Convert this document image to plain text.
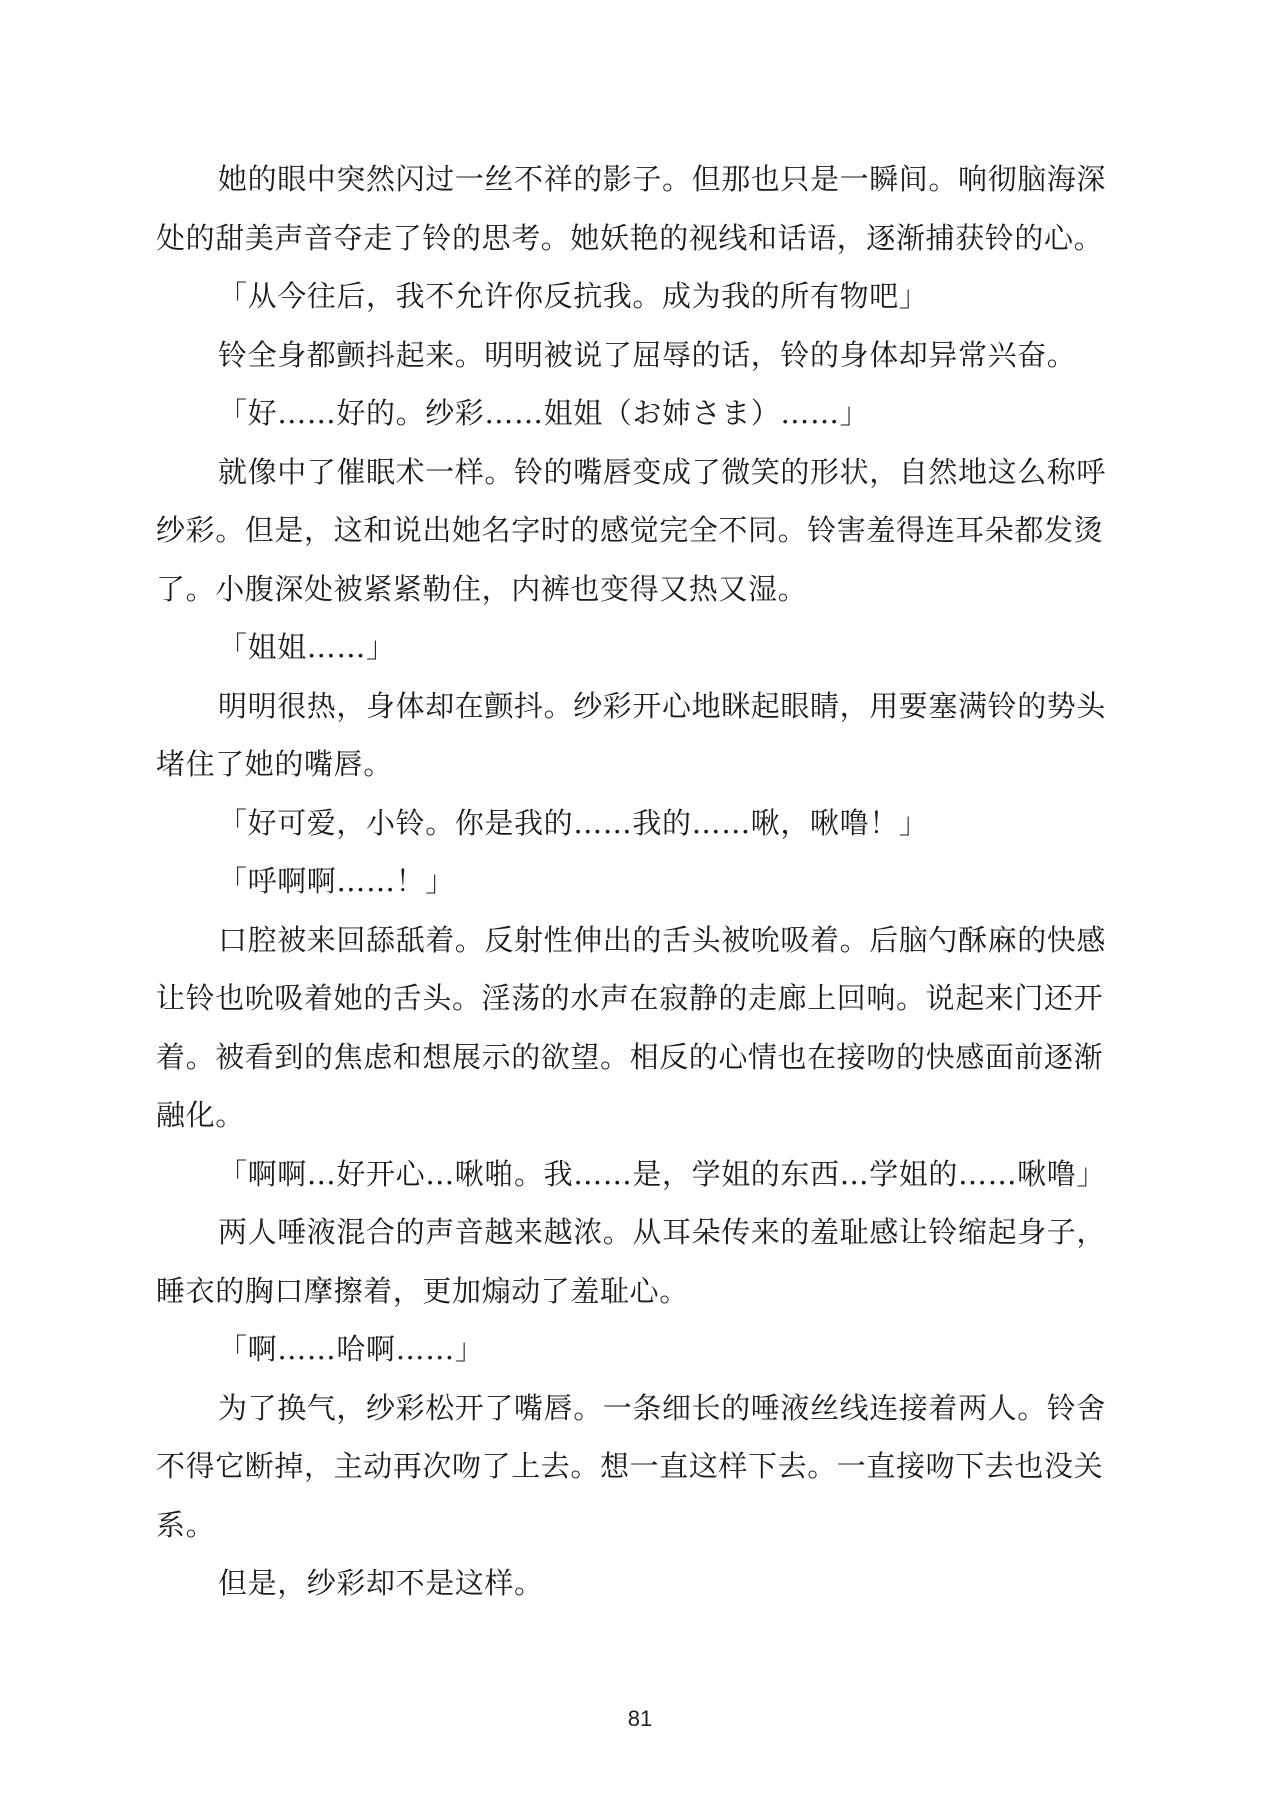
她的眼中突然闪过一丝不祥的影子。但那也只是一瞬间。响彻脑海深
处的甜美声音夺走了铃的思考。她妖艳的视线和话语，逐渐捕获铃的心。
「从今往后，我不允许你反抗我。成为我的所有物吧」
铃全身都颤抖起来。明明被说了屈辱的话，铃的身体却异常兴奋。
「好……好的。纱彩……姐姐（お姉さま）……」
就像中了催眠术一样。铃的嘴唇变成了微笑的形状，自然地这么称呼
纱彩。但是，这和说出她名字时的感觉完全不同。铃害羞得连耳朵都发烫
了。小腹深处被紧紧勒住，内裤也变得又热又湿。
「姐姐……」
明明很热，身体却在颤抖。纱彩开心地眯起眼睛，用要塞满铃的势头
堵住了她的嘴唇。
「好可爱，小铃。你是我的……我的……啾，啾噜！」
「呼啊啊……！」
口腔被来回舔舐着。反射性伸出的舌头被吮吸着。后脑勺酥麻的快感
让铃也吮吸着她的舌头。淫荡的水声在寂静的走廊上回响。说起来门还开
着。被看到的焦虑和想展示的欲望。相反的心情也在接吻的快感面前逐渐
融化。
「啊啊…好开心…啾啪。我……是，学姐的东西…学姐的……啾噜」
两人唾液混合的声音越来越浓。从耳朵传来的羞耻感让铃缩起身子，
睡衣的胸口摩擦着，更加煽动了羞耻心。
「啊……哈啊……」
为了换气，纱彩松开了嘴唇。一条细长的唾液丝线连接着两人。铃舍
不得它断掉，主动再次吻了上去。想一直这样下去。一直接吻下去也没关
系。
但是，纱彩却不是这样。
81
